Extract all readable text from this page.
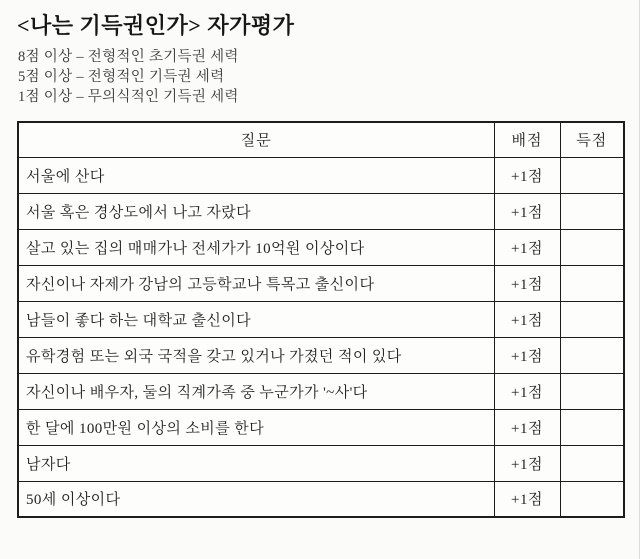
<나는 기득권인가> 자가평가
8점 이상 – 전형적인 초기득권 세력
5점 이상 – 전형적인 기득권 세력
1점 이상 – 무의식적인 기득권 세력
질문	배점	득점
서울에 산다	+1점	
서울 혹은 경상도에서 나고 자랐다	+1점	
살고 있는 집의 매매가나 전세가가 10억원 이상이다	+1점	
자신이나 자제가 강남의 고등학교나 특목고 출신이다	+1점	
남들이 좋다 하는 대학교 출신이다	+1점	
유학경험 또는 외국 국적을 갖고 있거나 가졌던 적이 있다	+1점	
자신이나 배우자, 둘의 직계가족 중 누군가가 '~사'다	+1점	
한 달에 100만원 이상의 소비를 한다	+1점	
남자다	+1점	
50세 이상이다	+1점	
